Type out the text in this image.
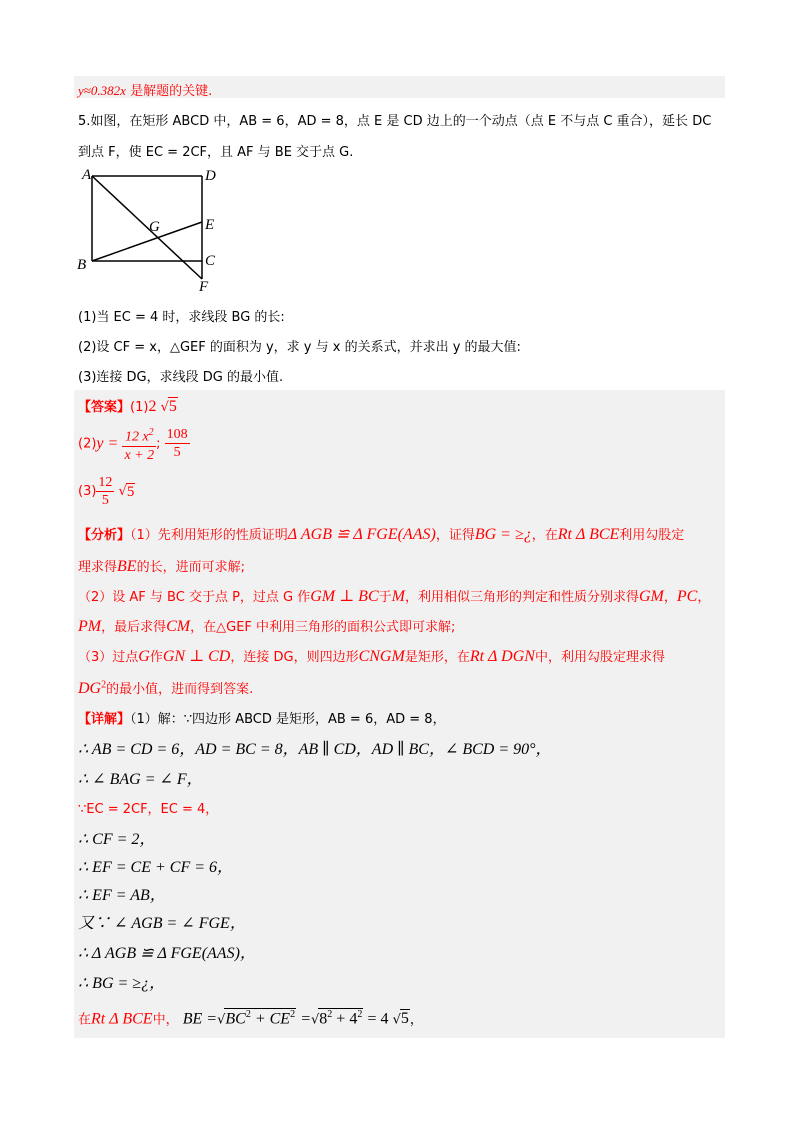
y≈0.382x 是解题的关键.
5.如图，在矩形 ABCD 中，AB = 6，AD = 8，点 E 是 CD 边上的一个动点（点 E 不与点 C 重合），延长 DC
到点 F，使 EC = 2CF，且 AF 与 BE 交于点 G.
A	D
G	E
B	C
F
(1)当 EC = 4 时，求线段 BG 的长:
(2)设 CF = x，△GEF 的面积为 y，求 y 与 x 的关系式，并求出 y 的最大值:
(3)连接 DG，求线段 DG 的最小值.
【答案】(1)2 √5
$(2)y = \frac{12 x^2}{x + 2}$ ; $\frac{108}{5}$
$(3) \frac{12}{5} √5$
【分析】（1）先利用矩形的性质证明Δ AGB ≌ Δ FGE(AAS)，证得BG = ≥¿，在Rt Δ BCE利用勾股定
理求得BE的长，进而可求解;
（2）设 AF 与 BC 交于点 P，过点 G 作GM ⊥ BC于M，利用相似三角形的判定和性质分别求得GM，PC，
PM，最后求得CM，在△GEF 中利用三角形的面积公式即可求解;
（3）过点G作GN ⊥ CD，连接 DG，则四边形CNGM是矩形，在Rt Δ DGN中，利用勾股定理求得
$DG^2$的最小值，进而得到答案.
【详解】（1）解：∵四边形 ABCD 是矩形，AB = 6，AD = 8，
∴ AB = CD = 6，AD = BC = 8，AB ∥ CD，AD ∥ BC，∠ BCD = 90°，
∴ ∠ BAG = ∠ F，
∵EC = 2CF，EC = 4，
∴ CF = 2，
∴ EF = CE + CF = 6，
∴ EF = AB，
又∵ ∠ AGB = ∠ FGE，
∴ Δ AGB ≌ Δ FGE(AAS)，
∴ BG = ≥¿，
在Rt Δ BCE中， BE $=√BC^2 + CE^2 =√8^2 + 4^2 = 4$ √5，
